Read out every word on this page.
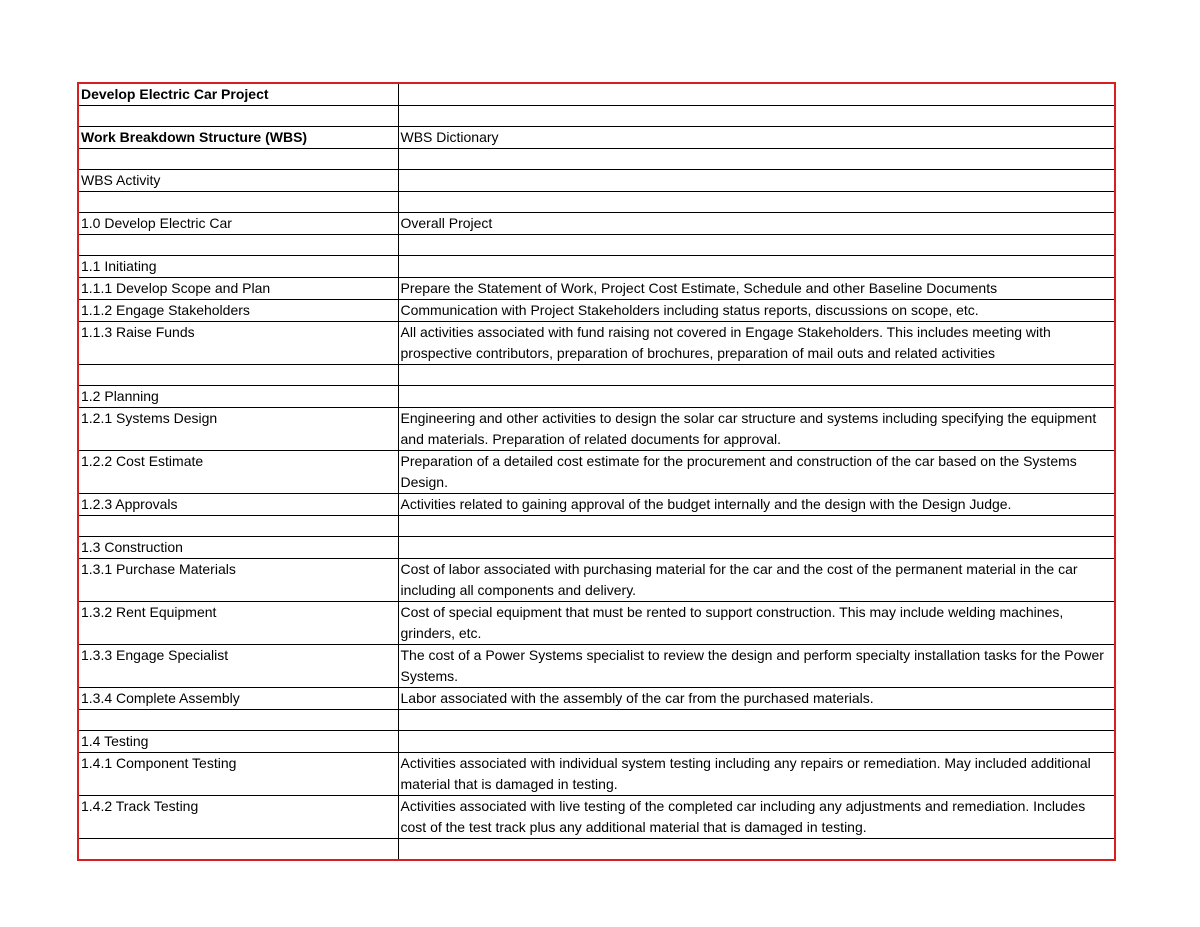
Develop Electric Car Project	

Work Breakdown Structure (WBS)	WBS Dictionary

WBS Activity	

1.0 Develop Electric Car	Overall Project

1.1 Initiating	
1.1.1 Develop Scope and Plan	Prepare the Statement of Work, Project Cost Estimate, Schedule and other Baseline Documents
1.1.2 Engage Stakeholders	Communication with Project Stakeholders including status reports, discussions on scope, etc.
1.1.3 Raise Funds	All activities associated with fund raising not covered in Engage Stakeholders. This includes meeting with prospective contributors, preparation of brochures, preparation of mail outs and related activities

1.2 Planning	
1.2.1 Systems Design	Engineering and other activities to design the solar car structure and systems including specifying the equipment and materials. Preparation of related documents for approval.
1.2.2 Cost Estimate	Preparation of a detailed cost estimate for the procurement and construction of the car based on the Systems Design.
1.2.3 Approvals	Activities related to gaining approval of the budget internally and the design with the Design Judge.

1.3 Construction	
1.3.1 Purchase Materials	Cost of labor associated with purchasing material for the car and the cost of the permanent material in the car including all components and delivery.
1.3.2 Rent Equipment	Cost of special equipment that must be rented to support construction. This may include welding machines, grinders, etc.
1.3.3 Engage Specialist	The cost of a Power Systems specialist to review the design and perform specialty installation tasks for the Power Systems.
1.3.4 Complete Assembly	Labor associated with the assembly of the car from the purchased materials.

1.4 Testing	
1.4.1 Component Testing	Activities associated with individual system testing including any repairs or remediation. May included additional material that is damaged in testing.
1.4.2 Track Testing	Activities associated with live testing of the completed car including any adjustments and remediation. Includes cost of the test track plus any additional material that is damaged in testing.
